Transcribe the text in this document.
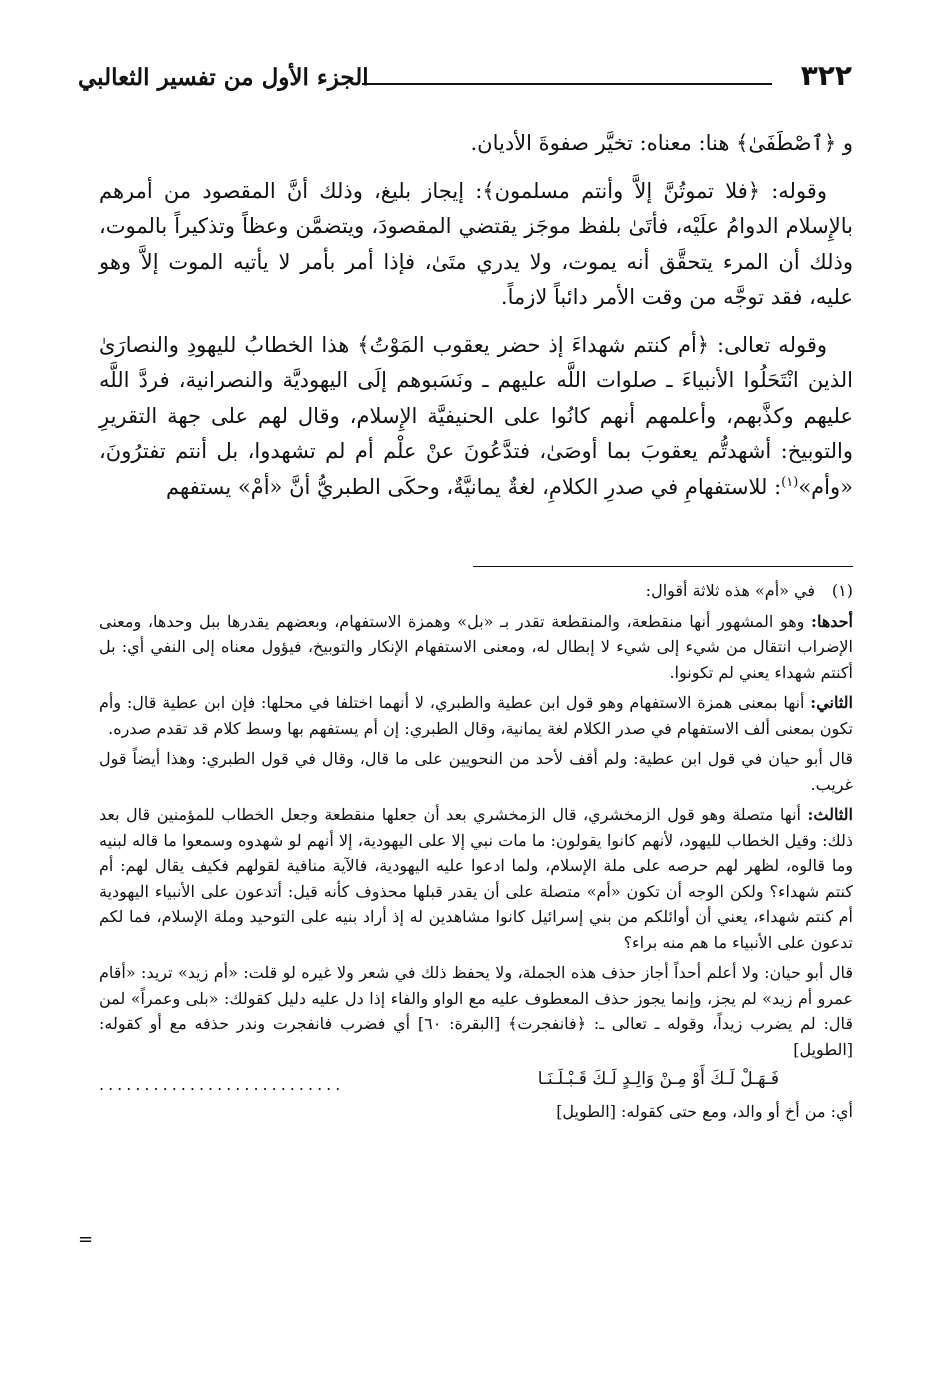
٣٢٢
الجزء الأول من تفسير الثعالبي

و ﴿ٱصْطَفَىٰ﴾ هنا: معناه: تخيَّر صفوةَ الأديان.

وقوله: ﴿فلا تموتُنَّ إلاَّ وأنتم مسلمون﴾: إيجاز بليغ، وذلك أنَّ المقصود من أمرهم بالإِسلام الدوامُ علَيْه، فأتَىٰ بلفظ موجَز يقتضي المقصودَ، ويتضمَّن وعظاً وتذكيراً بالموت، وذلك أن المرء يتحقَّق أنه يموت، ولا يدري متَىٰ، فإذا أمر بأمر لا يأتيه الموت إلاَّ وهو عليه، فقد توجَّه من وقت الأمر دائباً لازماً.

وقوله تعالى: ﴿أم كنتم شهداءَ إذ حضر يعقوب المَوْتُ﴾ هذا الخطابُ لليهودِ والنصارَىٰ الذين انْتَحَلُوا الأنبياءَ ـ صلوات اللَّه عليهم ـ ونَسَبوهم إلَى اليهوديَّة والنصرانية، فردَّ اللَّه عليهم وكذَّبهم، وأعلمهم أنهم كانُوا على الحنيفيَّة الإِسلام، وقال لهم على جهة التقريرِ والتوبيخ: أشهدتُّم يعقوبَ بما أوصَىٰ، فتدَّعُونَ عنْ علْم أم لم تشهدوا، بل أنتم تفترُونَ، «وأم»$^{(١)}$: للاستفهامِ في صدرِ الكلامِ، لغةٌ يمانيَّةٌ، وحكَى الطبريُّ أنَّ «أمْ» يستفهم

(١)في «أم» هذه ثلاثة أقوال:

أحدها: وهو المشهور أنها منقطعة، والمنقطعة تقدر بـ «بل» وهمزة الاستفهام، وبعضهم يقدرها ببل وحدها، ومعنى الإضراب انتقال من شيء إلى شيء لا إبطال له، ومعنى الاستفهام الإنكار والتوبيخ، فيؤول معناه إلى النفي أي: بل أكنتم شهداء يعني لم تكونوا.

الثاني: أنها بمعنى همزة الاستفهام وهو قول ابن عطية والطبري، لا أنهما اختلفا في محلها: فإن ابن عطية قال: وأم تكون بمعنى ألف الاستفهام في صدر الكلام لغة يمانية، وقال الطبري: إن أم يستفهم بها وسط كلام قد تقدم صدره.

قال أبو حيان في قول ابن عطية: ولم أقف لأحد من النحويين على ما قال، وقال في قول الطبري: وهذا أيضاً قول غريب.

الثالث: أنها متصلة وهو قول الزمخشري، قال الزمخشري بعد أن جعلها منقطعة وجعل الخطاب للمؤمنين قال بعد ذلك: وقيل الخطاب لليهود، لأنهم كانوا يقولون: ما مات نبي إلا على اليهودية، إلا أنهم لو شهدوه وسمعوا ما قاله لبنيه وما قالوه، لظهر لهم حرصه على ملة الإسلام، ولما ادعوا عليه اليهودية، فالآية منافية لقولهم فكيف يقال لهم: أم كنتم شهداء؟ ولكن الوجه أن تكون «أم» متصلة على أن يقدر قبلها محذوف كأنه قيل: أتدعون على الأنبياء اليهودية أم كنتم شهداء، يعني أن أوائلكم من بني إسرائيل كانوا مشاهدين له إذ أراد بنيه على التوحيد وملة الإسلام، فما لكم تدعون على الأنبياء ما هم منه براء؟

قال أبو حيان: ولا أعلم أحداً أجاز حذف هذه الجملة، ولا يحفظ ذلك في شعر ولا غيره لو قلت: «أم زيد» تريد: «أقام عمرو أم زيد» لم يجز، وإنما يجوز حذف المعطوف عليه مع الواو والفاء إذا دل عليه دليل كقولك: «بلى وعمراً» لمن قال: لم يضرب زيداً، وقوله ـ تعالى ـ: ﴿فانفجرت﴾ [البقرة: ٦٠] أي فضرب فانفجرت وندر حذفه مع أو كقوله: [الطويل]

فَـهَـلْ لَـكَ أَوْ مِـنْ وَالِـدٍ لَـكَ قَـبْـلَـنَـا
...........................

أي: من أخ أو والد، ومع حتى كقوله: [الطويل]

=
